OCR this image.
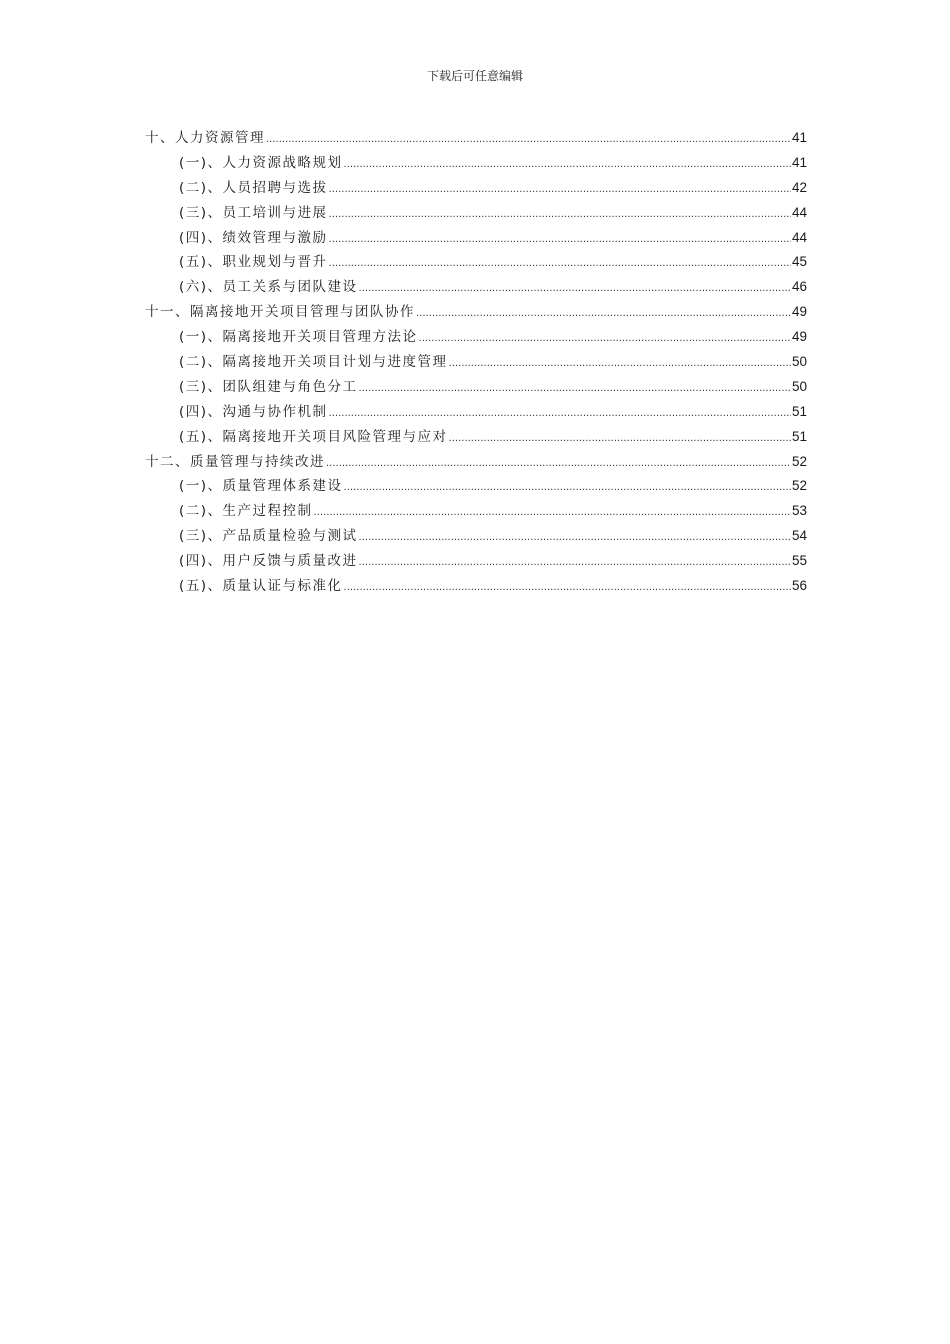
下载后可任意编辑
十、人力资源管理 .....	41
(一)、人力资源战略规划 .....	41
(二)、人员招聘与选拔 .....	42
(三)、员工培训与进展 .....	44
(四)、绩效管理与激励 .....	44
(五)、职业规划与晋升 .....	45
(六)、员工关系与团队建设 .....	46
十一、隔离接地开关项目管理与团队协作 .....	49
(一)、隔离接地开关项目管理方法论 .....	49
(二)、隔离接地开关项目计划与进度管理 .....	50
(三)、团队组建与角色分工 .....	50
(四)、沟通与协作机制 .....	51
(五)、隔离接地开关项目风险管理与应对 .....	51
十二、质量管理与持续改进 .....	52
(一)、质量管理体系建设 .....	52
(二)、生产过程控制 .....	53
(三)、产品质量检验与测试 .....	54
(四)、用户反馈与质量改进 .....	55
(五)、质量认证与标准化 .....	56
